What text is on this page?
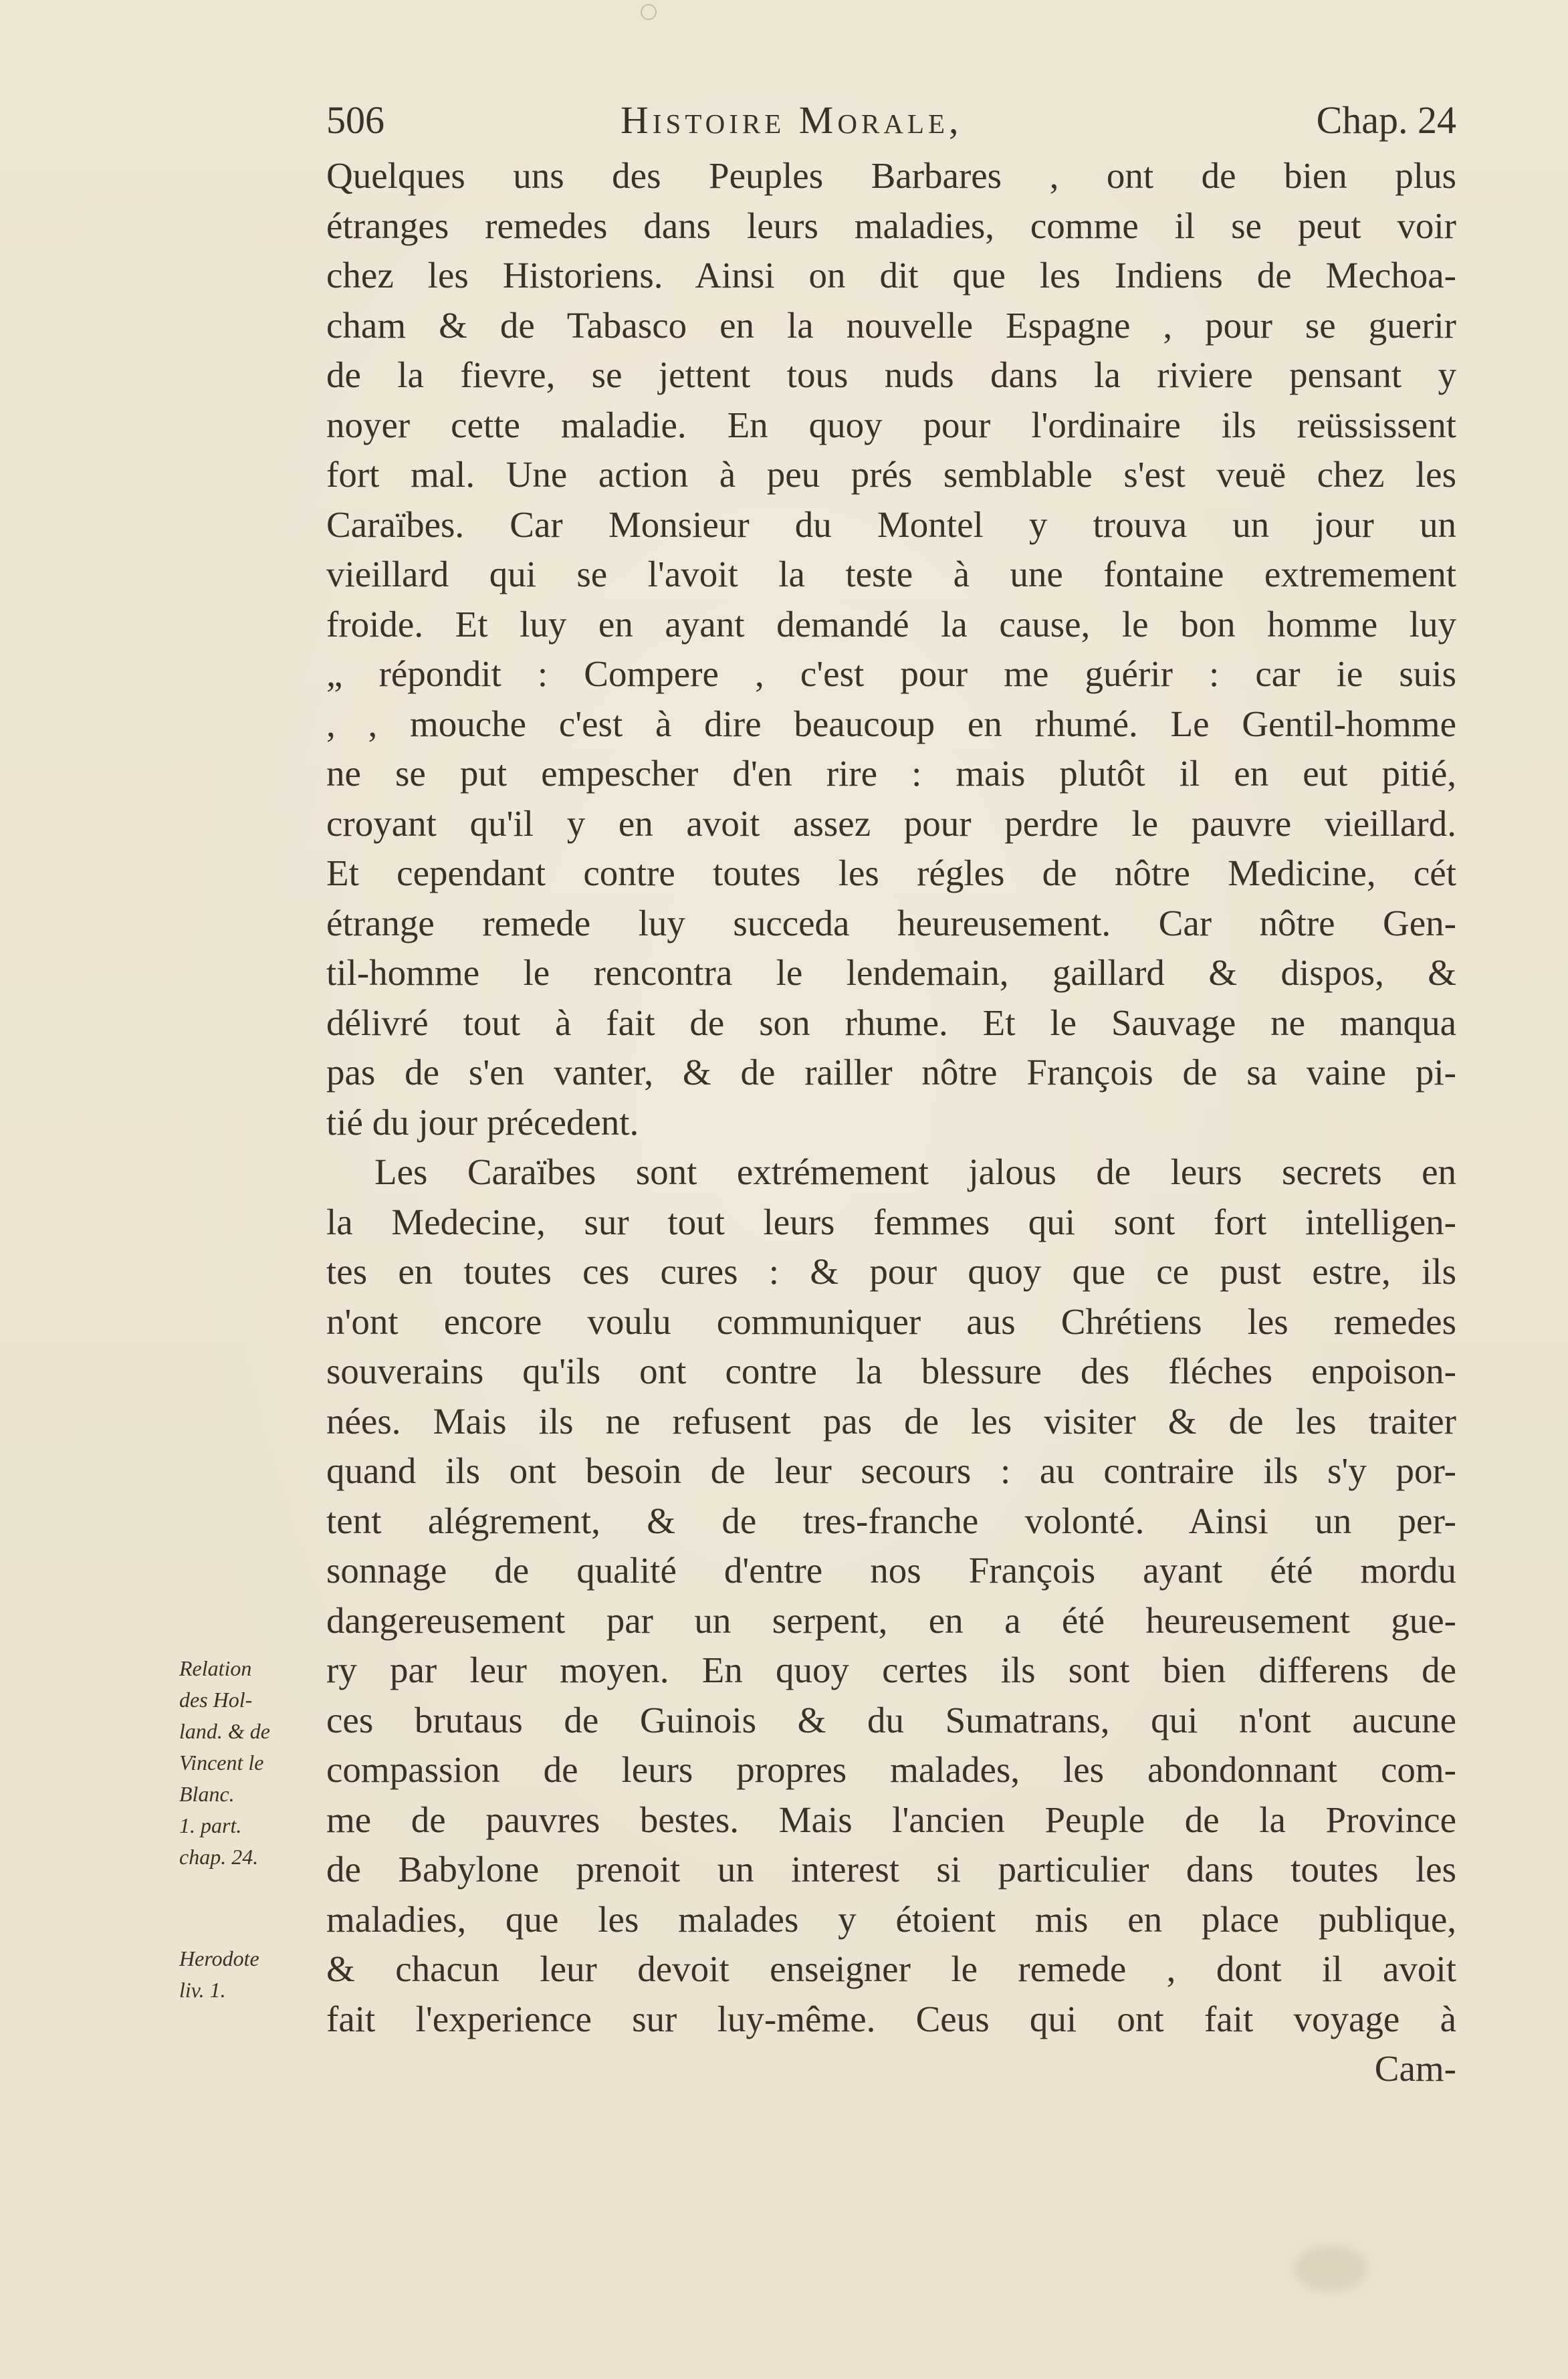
506	Histoire Morale,	Chap. 24
Quelques uns des Peuples Barbares , ont de bien plus
étranges remedes dans leurs maladies, comme il se peut voir
chez les Historiens. Ainsi on dit que les Indiens de Mechoa-
cham & de Tabasco en la nouvelle Espagne , pour se guerir
de la fievre, se jettent tous nuds dans la riviere pensant y
noyer cette maladie. En quoy pour l'ordinaire ils reüssissent
fort mal. Une action à peu prés semblable s'est veuë chez les
Caraïbes. Car Monsieur du Montel y trouva un jour un
vieillard qui se l'avoit la teste à une fontaine extremement
froide. Et luy en ayant demandé la cause, le bon homme luy
„ répondit : Compere , c'est pour me guérir : car ie suis
, , mouche c'est à dire beaucoup en rhumé. Le Gentil-homme
ne se put empescher d'en rire : mais plutôt il en eut pitié,
croyant qu'il y en avoit assez pour perdre le pauvre vieillard.
Et cependant contre toutes les régles de nôtre Medicine, cét
étrange remede luy succeda heureusement. Car nôtre Gen-
til-homme le rencontra le lendemain, gaillard & dispos, &
délivré tout à fait de son rhume. Et le Sauvage ne manqua
pas de s'en vanter, & de railler nôtre François de sa vaine pi-
tié du jour précedent.
Les Caraïbes sont extrémement jalous de leurs secrets en
la Medecine, sur tout leurs femmes qui sont fort intelligen-
tes en toutes ces cures : & pour quoy que ce pust estre, ils
n'ont encore voulu communiquer aus Chrétiens les remedes
souverains qu'ils ont contre la blessure des fléches enpoison-
nées. Mais ils ne refusent pas de les visiter & de les traiter
quand ils ont besoin de leur secours : au contraire ils s'y por-
tent alégrement, & de tres-franche volonté. Ainsi un per-
sonnage de qualité d'entre nos François ayant été mordu
dangereusement par un serpent, en a été heureusement gue-
ry par leur moyen. En quoy certes ils sont bien differens de
ces brutaus de Guinois & du Sumatrans, qui n'ont aucune
compassion de leurs propres malades, les abondonnant com-
me de pauvres bestes. Mais l'ancien Peuple de la Province
de Babylone prenoit un interest si particulier dans toutes les
maladies, que les malades y étoient mis en place publique,
& chacun leur devoit enseigner le remede , dont il avoit
fait l'experience sur luy-même. Ceus qui ont fait voyage à
Cam-
Relation
des Hol-
land. & de
Vincent le
Blanc.
1. part.
chap. 24.
Herodote
liv. 1.
